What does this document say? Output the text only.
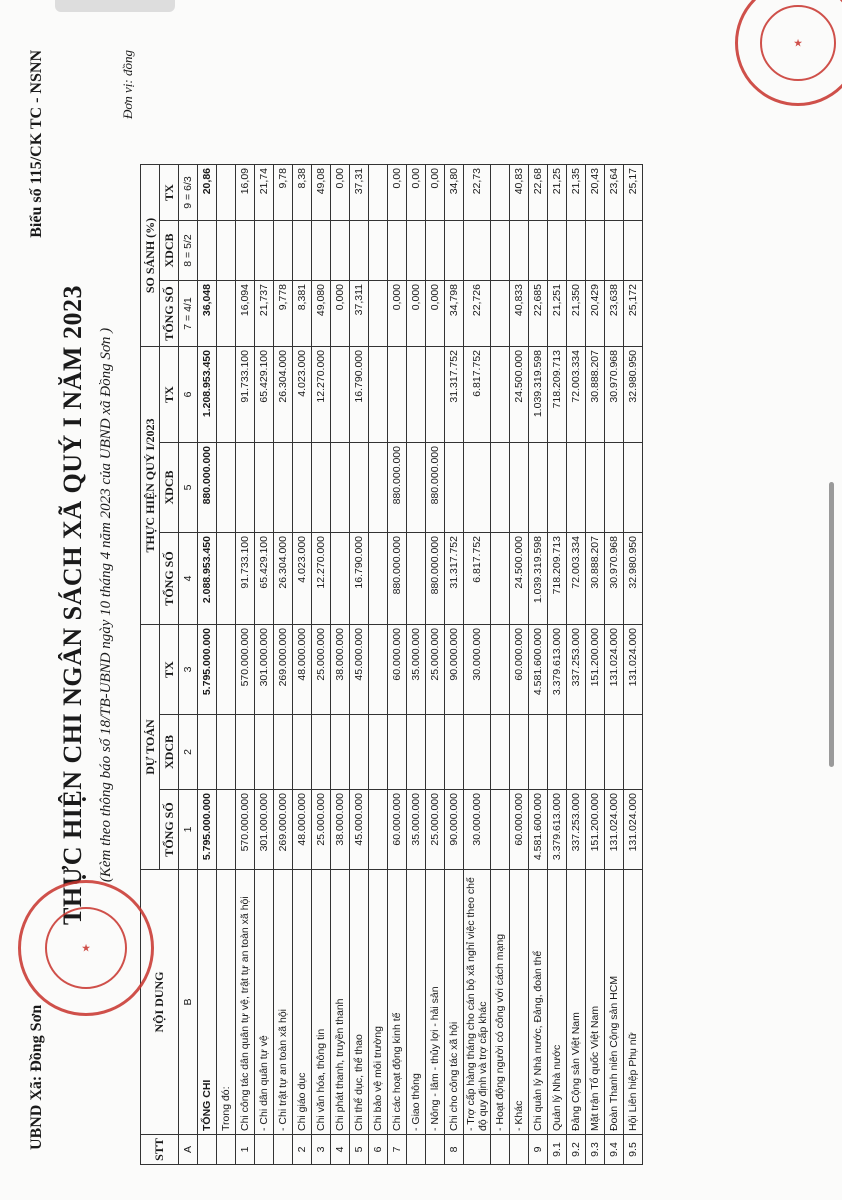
UBND Xã: Đồng Sơn
Biểu số 115/CK TC - NSNN
THỰC HIỆN CHI NGÂN SÁCH XÃ QUÝ I NĂM 2023 (Kèm theo thông báo số 18/TB-UBND ngày 10 tháng 4 năm 2023 của UBND xã Đồng Sơn )
Đơn vị: đồng
STT	NỘI DUNG	DỰ TOÁN			THỰC HIỆN QUÝ I/2023			SO SÁNH (%)		
		TỔNG SỐ	XDCB	TX	TỔNG SỐ	XDCB	TX	TỔNG SỐ	XDCB	TX
A	B	1	2	3	4	5	6	7 = 4/1	8 = 5/2	9 = 6/3
	TỔNG CHI	5.795.000.000		5.795.000.000	2.088.953.450	880.000.000	1.208.953.450	36,048		20,86
	Trong đó:									
1	Chi công tác dân quân tự vệ, trật tự an toàn xã hội	570.000.000		570.000.000	91.733.100		91.733.100	16,094		16,09
	- Chi dân quân tự vệ	301.000.000		301.000.000	65.429.100		65.429.100	21,737		21,74
	- Chi trật tự an toàn xã hội	269.000.000		269.000.000	26.304.000		26.304.000	9,778		9,78
2	Chi giáo dục	48.000.000		48.000.000	4.023.000		4.023.000	8,381		8,38
3	Chi văn hóa, thông tin	25.000.000		25.000.000	12.270.000		12.270.000	49,080		49,08
4	Chi phát thanh, truyền thanh	38.000.000		38.000.000				0,000		0,00
5	Chi thể dục, thể thao	45.000.000		45.000.000	16.790.000		16.790.000	37,311		37,31
6	Chi bảo vệ môi trường									
7	Chi các hoạt động kinh tế	60.000.000		60.000.000	880.000.000	880.000.000		0,000		0,00
	- Giao thông	35.000.000		35.000.000				0,000		0,00
	- Nông - lâm - thủy lợi - hải sản	25.000.000		25.000.000	880.000.000	880.000.000		0,000		0,00
8	Chi cho công tác xã hội	90.000.000		90.000.000	31.317.752		31.317.752	34,798		34,80
	- Trợ cấp hàng tháng cho cán bộ xã nghỉ việc theo chế độ quy định và trợ cấp khác	30.000.000		30.000.000	6.817.752		6.817.752	22,726		22,73
	- Hoạt động người có công với cách mạng									
	- Khác	60.000.000		60.000.000	24.500.000		24.500.000	40,833		40,83
9	Chi quản lý Nhà nước, Đảng, đoàn thể	4.581.600.000		4.581.600.000	1.039.319.598		1.039.319.598	22,685		22,68
9.1	Quản lý Nhà nước	3.379.613.000		3.379.613.000	718.209.713		718.209.713	21,251		21,25
9.2	Đảng Cộng sản Việt Nam	337.253.000		337.253.000	72.003.334		72.003.334	21,350		21,35
9.3	Mặt trận Tổ quốc Việt Nam	151.200.000		151.200.000	30.888.207		30.888.207	20,429		20,43
9.4	Đoàn Thanh niên Cộng sản HCM	131.024.000		131.024.000	30.970.968		30.970.968	23,638		23,64
9.5	Hội Liên hiệp Phụ nữ	131.024.000		131.024.000	32.980.950		32.980.950	25,172		25,17
★
★
